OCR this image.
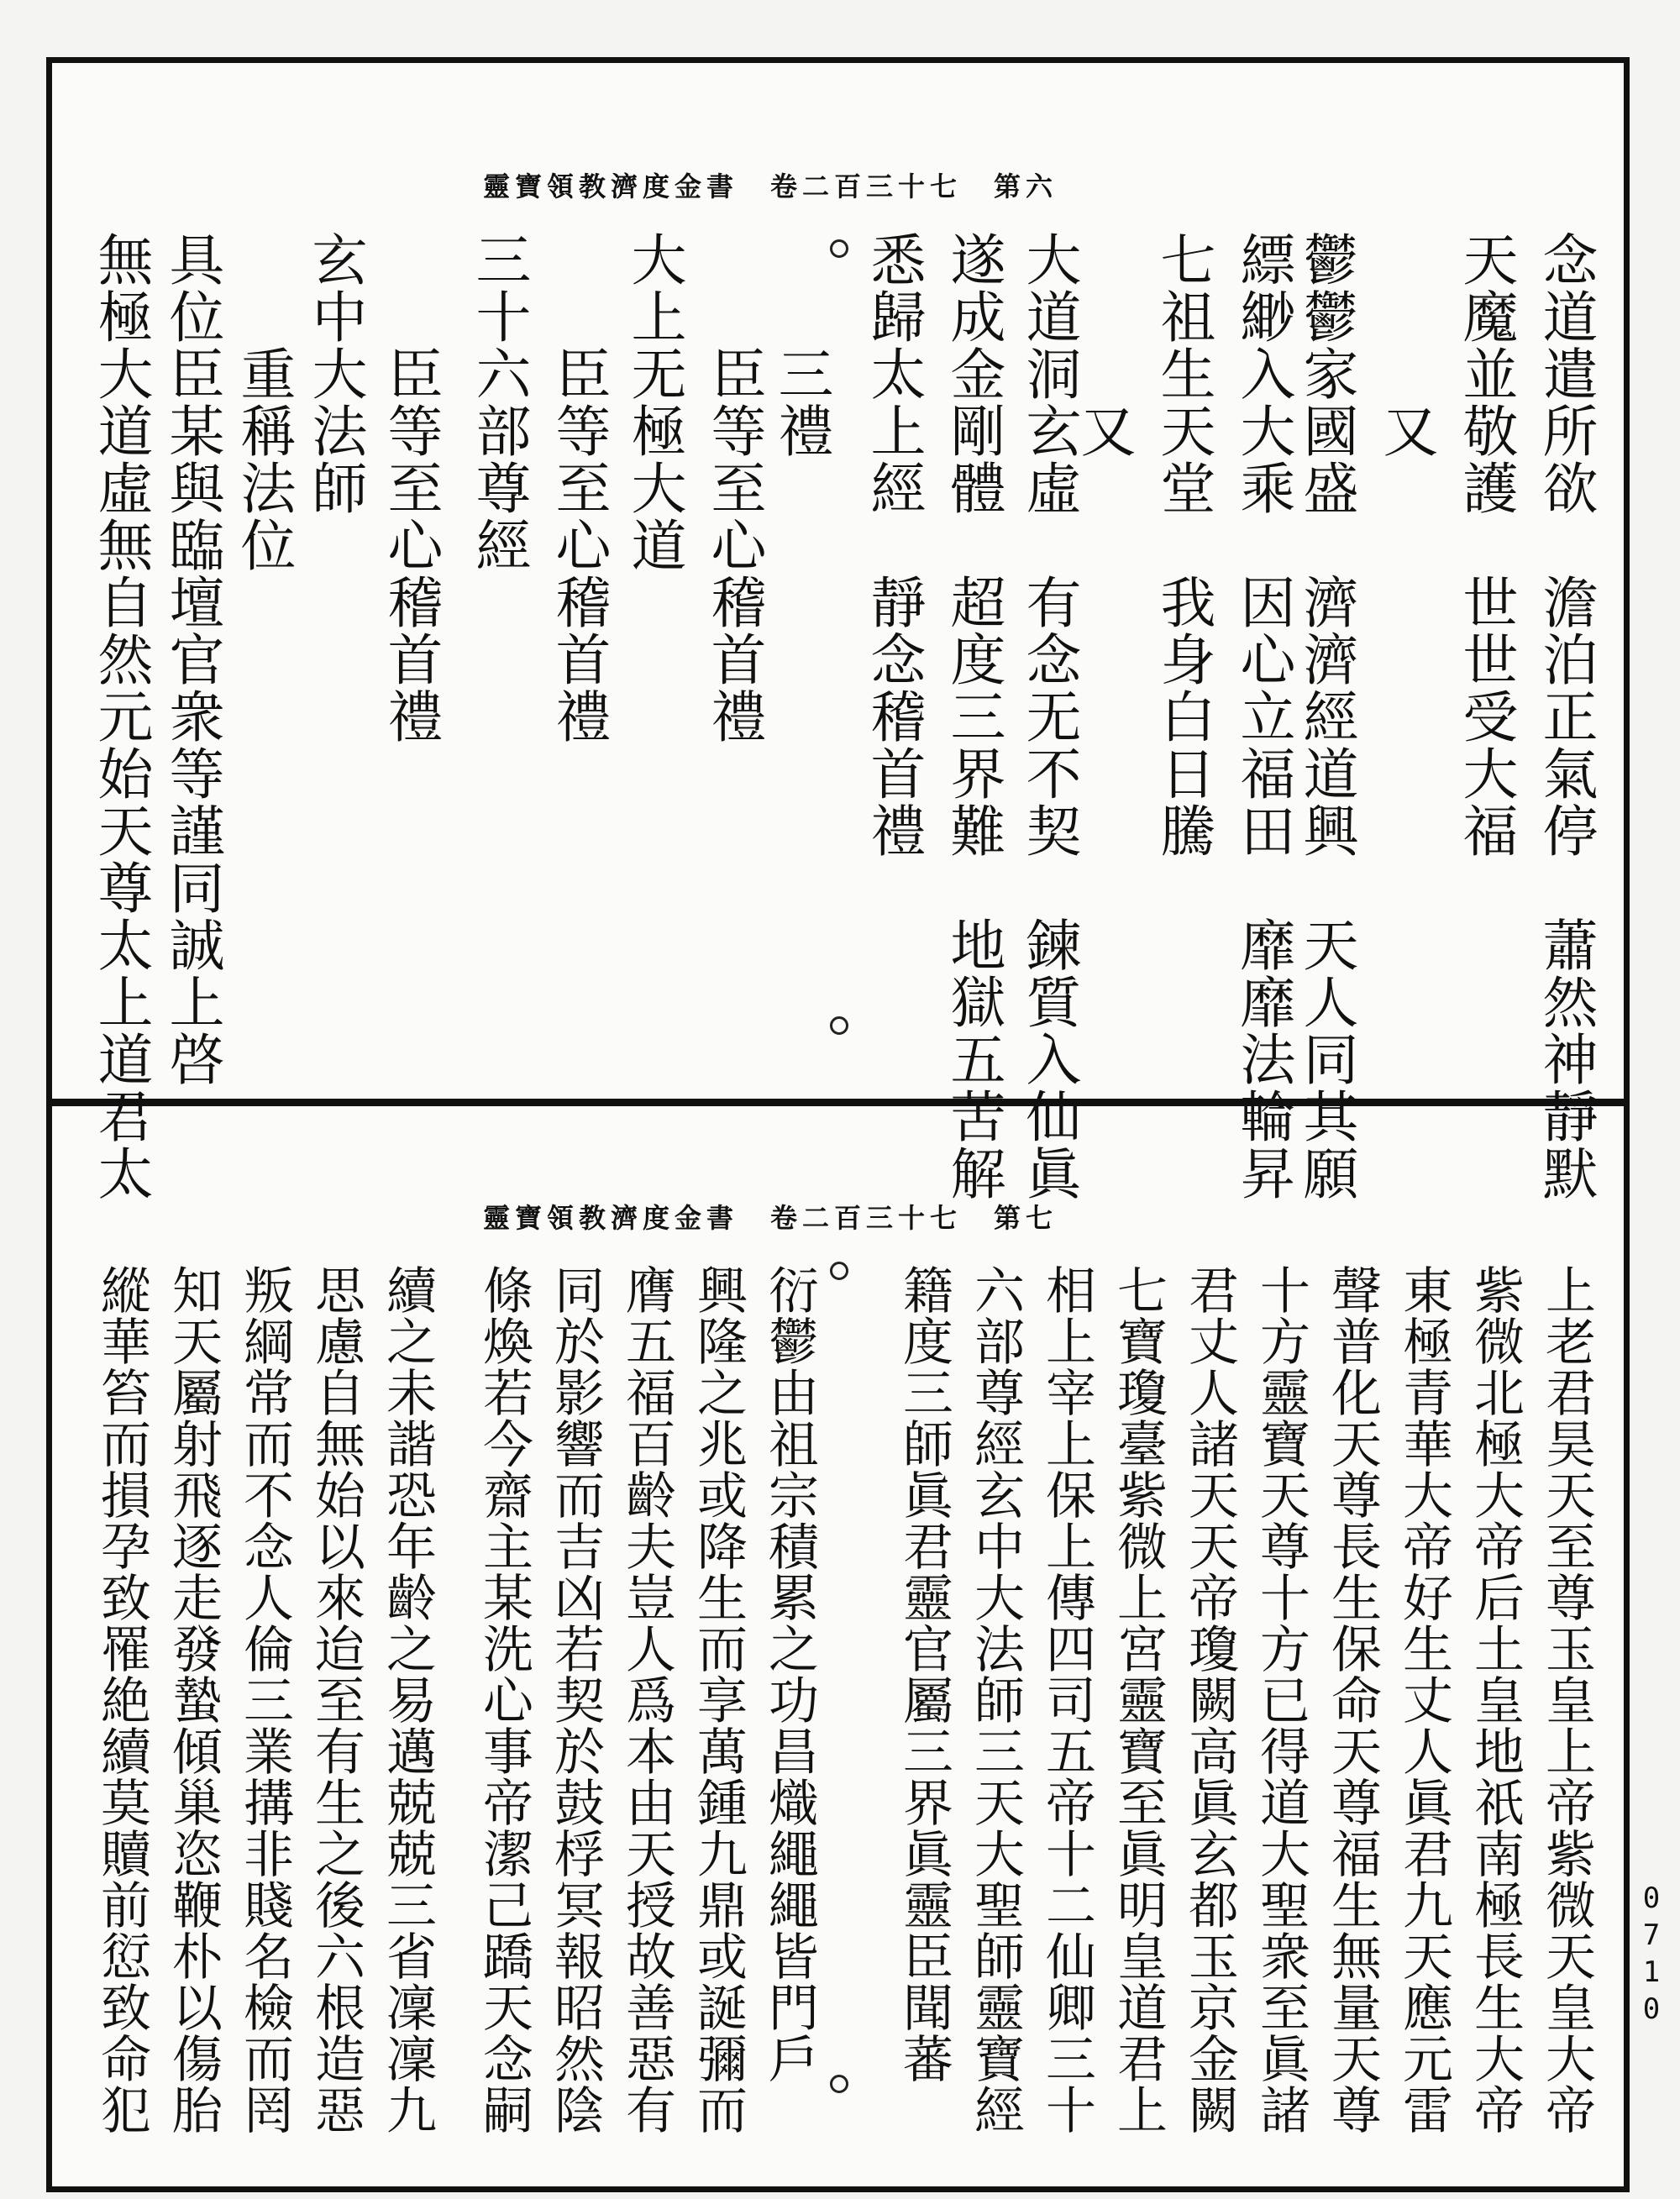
0710
靈寶領教濟度金書　卷二百三十七　第六
念道遣所欲　澹泊正氣停　蕭然神靜默
天魔並敬護　世世受大福
　　　又
鬱鬱家國盛　濟濟經道興　天人同其願
縹緲入大乘　因心立福田　靡靡法輪昇
七祖生天堂　我身白日騰
　　　又
大道洞玄虛　有念无不契　鍊質入仙眞
遂成金剛體　超度三界難　地獄五苦解
悉歸太上經　靜念稽首禮
　　三禮
　　臣等至心稽首禮
大上无極大道
　　臣等至心稽首禮
三十六部尊經
　　臣等至心稽首禮
玄中大法師
　　重稱法位
具位臣某與臨壇官衆等謹同誠上啓
無極大道虛無自然元始天尊太上道君太
靈寶領教濟度金書　卷二百三十七　第七
上老君昊天至尊玉皇上帝紫微天皇大帝
紫微北極大帝后土皇地祇南極長生大帝
東極青華大帝好生丈人眞君九天應元雷
聲普化天尊長生保命天尊福生無量天尊
十方靈寶天尊十方已得道大聖衆至眞諸
君丈人諸天天帝瓊闕高眞玄都玉京金闕
七寶瓊臺紫微上宮靈寶至眞明皇道君上
相上宰上保上傳四司五帝十二仙卿三十
六部尊經玄中大法師三天大聖師靈寶經
籍度三師眞君靈官屬三界眞靈臣聞蕃
衍鬱由祖宗積累之功昌熾繩繩皆門戶
興隆之兆或降生而享萬鍾九鼎或誕彌而
膺五福百齡夫豈人爲本由天授故善惡有
同於影響而吉凶若契於鼓桴冥報昭然陰
條煥若今齋主某洗心事帝潔己蹻天念嗣
續之未諧恐年齡之易邁兢兢三省凜凜九
思慮自無始以來迨至有生之後六根造惡
叛綱常而不念人倫三業搆非賤名檢而罔
知天屬射飛逐走發蟄傾巢恣鞭朴以傷胎
縱華笞而損孕致罹絶續莫贖前愆致命犯
